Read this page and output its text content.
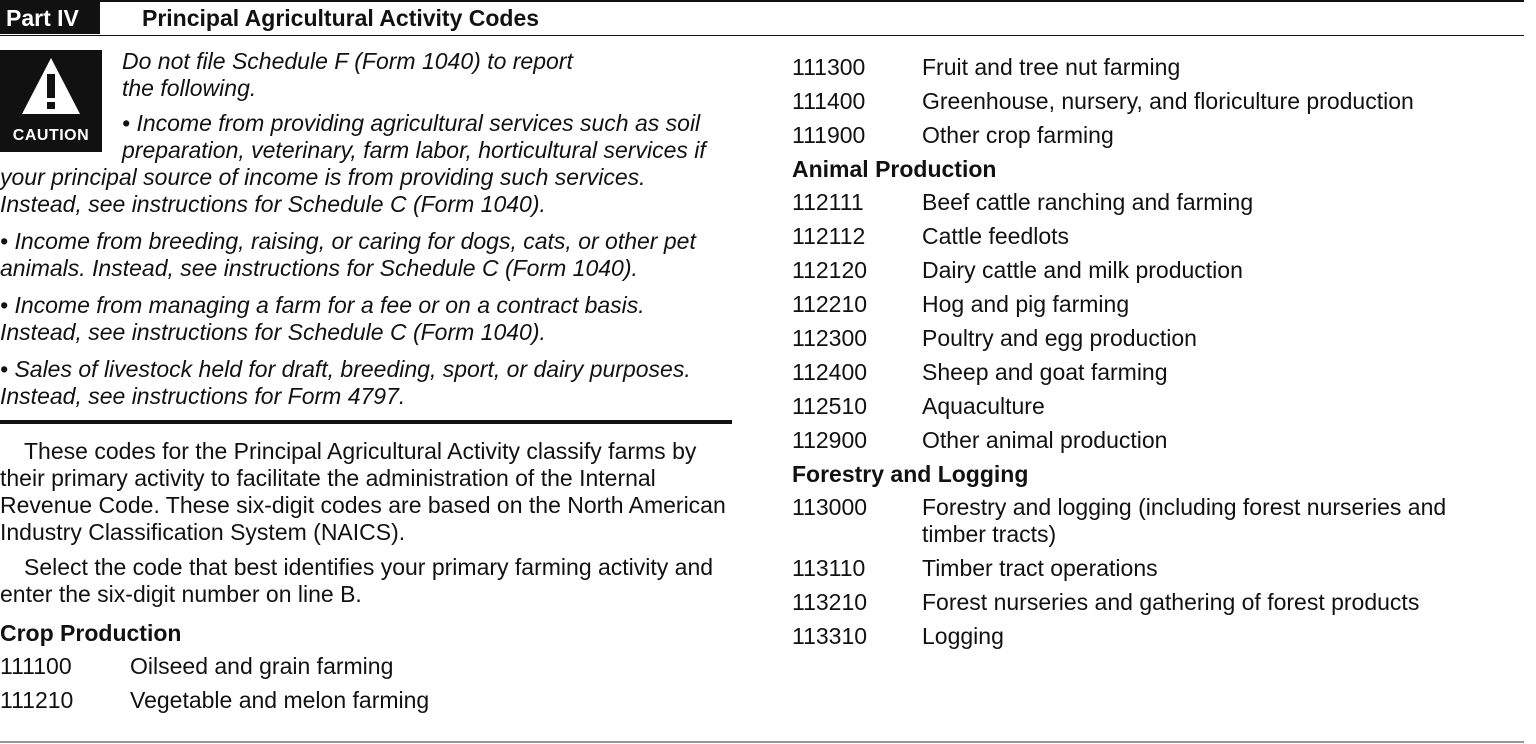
Part IV	Principal Agricultural Activity Codes
CAUTION

Do not file Schedule F (Form 1040) to report the following.

• Income from providing agricultural services such as soil preparation, veterinary, farm labor, horticultural services if your principal source of income is from providing such services. Instead, see instructions for Schedule C (Form 1040).

• Income from breeding, raising, or caring for dogs, cats, or other pet animals. Instead, see instructions for Schedule C (Form 1040).

• Income from managing a farm for a fee or on a contract basis. Instead, see instructions for Schedule C (Form 1040).

• Sales of livestock held for draft, breeding, sport, or dairy purposes. Instead, see instructions for Form 4797.

These codes for the Principal Agricultural Activity classify farms by their primary activity to facilitate the administration of the Internal Revenue Code. These six-digit codes are based on the North American Industry Classification System (NAICS).

Select the code that best identifies your primary farming activity and enter the six-digit number on line B.

Crop Production
111100	Oilseed and grain farming
111210	Vegetable and melon farming
111300	Fruit and tree nut farming
111400	Greenhouse, nursery, and floriculture production
111900	Other crop farming
Animal Production
112111	Beef cattle ranching and farming
112112	Cattle feedlots
112120	Dairy cattle and milk production
112210	Hog and pig farming
112300	Poultry and egg production
112400	Sheep and goat farming
112510	Aquaculture
112900	Other animal production
Forestry and Logging
113000	Forestry and logging (including forest nurseries and timber tracts)
113110	Timber tract operations
113210	Forest nurseries and gathering of forest products
113310	Logging
